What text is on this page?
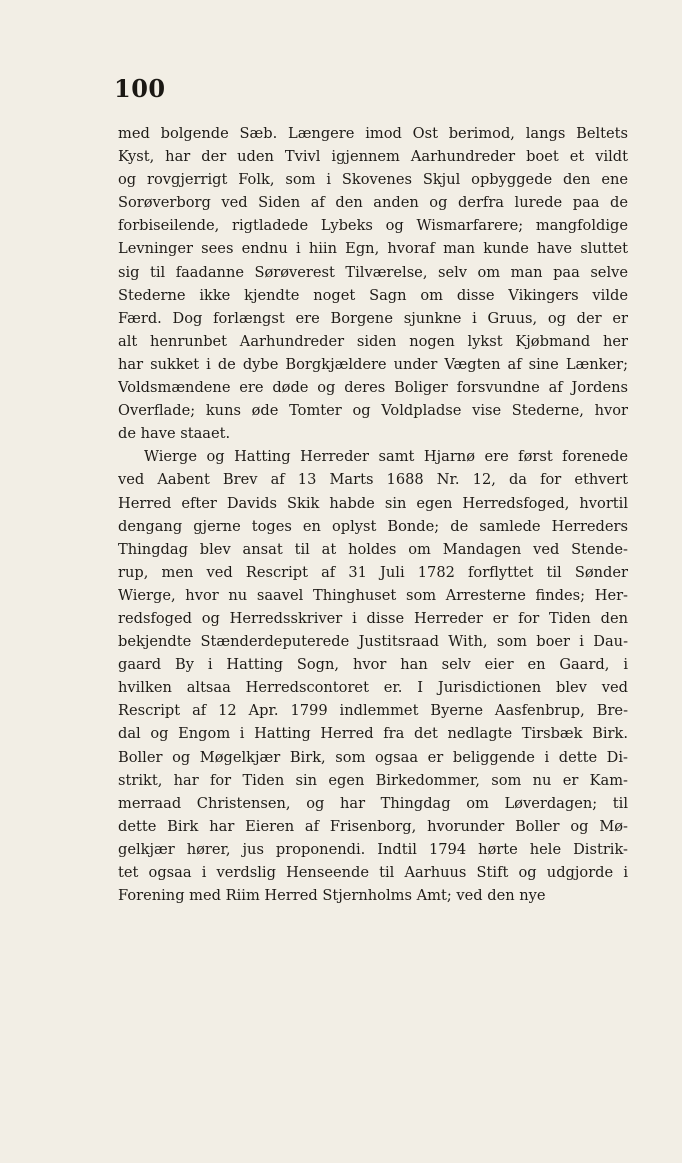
100
med bolgende Sæb. Længere imod Ost berimod, langs Beltets
Kyst, har der uden Tvivl igjennem Aarhundreder boet et vildt
og rovgjerrigt Folk, som i Skovenes Skjul opbyggede den ene
Sorøverborg ved Siden af den anden og derfra lurede paa de
forbiseilende, rigtladede Lybeks og Wismarfarere; mangfoldige
Levninger sees endnu i hiin Egn, hvoraf man kunde have sluttet
sig til faadanne Sørøverest Tilværelse, selv om man paa selve
Stederne ikke kjendte noget Sagn om disse Vikingers vilde
Færd. Dog forlængst ere Borgene sjunkne i Gruus, og der er
alt henrunbet Aarhundreder siden nogen lykst Kjøbmand her
har sukket i de dybe Borgkjældere under Vægten af sine Lænker;
Voldsmændene ere døde og deres Boliger forsvundne af Jordens
Overflade; kuns øde Tomter og Voldpladse vise Stederne, hvor
de have staaet.
Wierge og Hatting Herreder samt Hjarnø ere først forenede
ved Aabent Brev af 13 Marts 1688 Nr. 12, da for ethvert
Herred efter Davids Skik habde sin egen Herredsfoged, hvortil
dengang gjerne toges en oplyst Bonde; de samlede Herreders
Thingdag blev ansat til at holdes om Mandagen ved Stende-
rup, men ved Rescript af 31 Juli 1782 forflyttet til Sønder
Wierge, hvor nu saavel Thinghuset som Arresterne findes; Her-
redsfoged og Herredsskriver i disse Herreder er for Tiden den
bekjendte Stænderdeputerede Justitsraad With, som boer i Dau-
gaard By i Hatting Sogn, hvor han selv eier en Gaard, i
hvilken altsaa Herredscontoret er. I Jurisdictionen blev ved
Rescript af 12 Apr. 1799 indlemmet Byerne Aasfenbrup, Bre-
dal og Engom i Hatting Herred fra det nedlagte Tirsbæk Birk.
Boller og Møgelkjær Birk, som ogsaa er beliggende i dette Di-
strikt, har for Tiden sin egen Birkedommer, som nu er Kam-
merraad Christensen, og har Thingdag om Løverdagen; til
dette Birk har Eieren af Frisenborg, hvorunder Boller og Mø-
gelkjær hører, jus proponendi. Indtil 1794 hørte hele Distrik-
tet ogsaa i verdslig Henseende til Aarhuus Stift og udgjorde i
Forening med Riim Herred Stjernholms Amt; ved den nye
